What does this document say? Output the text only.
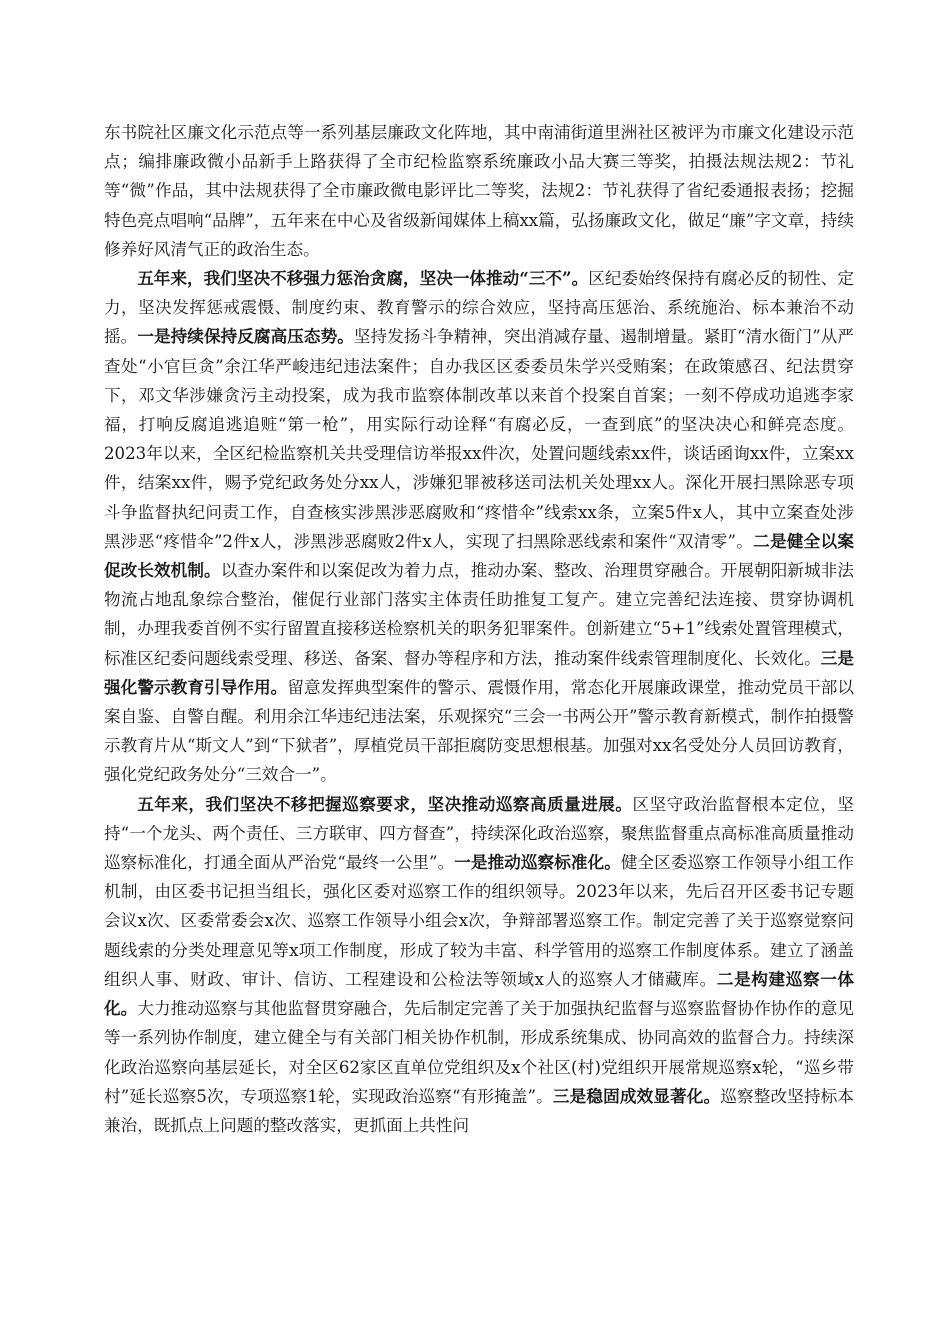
东书院社区廉文化示范点等一系列基层廉政文化阵地，其中南浦街道里洲社区被评为市廉文化建设示范点；编排廉政微小品新手上路获得了全市纪检监察系统廉政小品大赛三等奖，拍摄法规法规2：节礼等“微”作品，其中法规获得了全市廉政微电影评比二等奖，法规2：节礼获得了省纪委通报表扬；挖掘特色亮点唱响“品牌”，五年来在中心及省级新闻媒体上稿xx篇，弘扬廉政文化，做足“廉”字文章，持续修养好风清气正的政治生态。

五年来，我们坚决不移强力惩治贪腐，坚决一体推动“三不”。区纪委始终保持有腐必反的韧性、定力，坚决发挥惩戒震慑、制度约束、教育警示的综合效应，坚持高压惩治、系统施治、标本兼治不动摇。一是持续保持反腐高压态势。坚持发扬斗争精神，突出消减存量、遏制增量。紧盯“清水衙门”从严查处“小官巨贪”余江华严峻违纪违法案件；自办我区区委委员朱学兴受贿案；在政策感召、纪法贯穿下，邓文华涉嫌贪污主动投案，成为我市监察体制改革以来首个投案自首案；一刻不停成功追逃李家福，打响反腐追逃追赃“第一枪”，用实际行动诠释“有腐必反，一查到底”的坚决决心和鲜亮态度。2023年以来，全区纪检监察机关共受理信访举报xx件次，处置问题线索xx件，谈话函询xx件，立案xx件，结案xx件，赐予党纪政务处分xx人，涉嫌犯罪被移送司法机关处理xx人。深化开展扫黑除恶专项斗争监督执纪问责工作，自查核实涉黑涉恶腐败和“疼惜伞”线索xx条，立案5件x人，其中立案查处涉黑涉恶“疼惜伞”2件x人，涉黑涉恶腐败2件x人，实现了扫黑除恶线索和案件“双清零”。二是健全以案促改长效机制。以查办案件和以案促改为着力点，推动办案、整改、治理贯穿融合。开展朝阳新城非法物流占地乱象综合整治，催促行业部门落实主体责任助推复工复产。建立完善纪法连接、贯穿协调机制，办理我委首例不实行留置直接移送检察机关的职务犯罪案件。创新建立“5+1”线索处置管理模式，标准区纪委问题线索受理、移送、备案、督办等程序和方法，推动案件线索管理制度化、长效化。三是强化警示教育引导作用。留意发挥典型案件的警示、震慑作用，常态化开展廉政课堂，推动党员干部以案自鉴、自警自醒。利用余江华违纪违法案，乐观探究“三会一书两公开”警示教育新模式，制作拍摄警示教育片从“斯文人”到“下狱者”，厚植党员干部拒腐防变思想根基。加强对xx名受处分人员回访教育，强化党纪政务处分“三效合一”。

五年来，我们坚决不移把握巡察要求，坚决推动巡察高质量进展。区坚守政治监督根本定位，坚持“一个龙头、两个责任、三方联审、四方督查”，持续深化政治巡察，聚焦监督重点高标准高质量推动巡察标准化，打通全面从严治党“最终一公里”。一是推动巡察标准化。健全区委巡察工作领导小组工作机制，由区委书记担当组长，强化区委对巡察工作的组织领导。2023年以来，先后召开区委书记专题会议x次、区委常委会x次、巡察工作领导小组会x次，争辩部署巡察工作。制定完善了关于巡察觉察问题线索的分类处理意见等x项工作制度，形成了较为丰富、科学管用的巡察工作制度体系。建立了涵盖组织人事、财政、审计、信访、工程建设和公检法等领域x人的巡察人才储藏库。二是构建巡察一体化。大力推动巡察与其他监督贯穿融合，先后制定完善了关于加强执纪监督与巡察监督协作协作的意见等一系列协作制度，建立健全与有关部门相关协作机制，形成系统集成、协同高效的监督合力。持续深化政治巡察向基层延长，对全区62家区直单位党组织及x个社区(村)党组织开展常规巡察x轮，“巡乡带村”延长巡察5次，专项巡察1轮，实现政治巡察“有形掩盖”。三是稳固成效显著化。巡察整改坚持标本兼治，既抓点上问题的整改落实，更抓面上共性问
